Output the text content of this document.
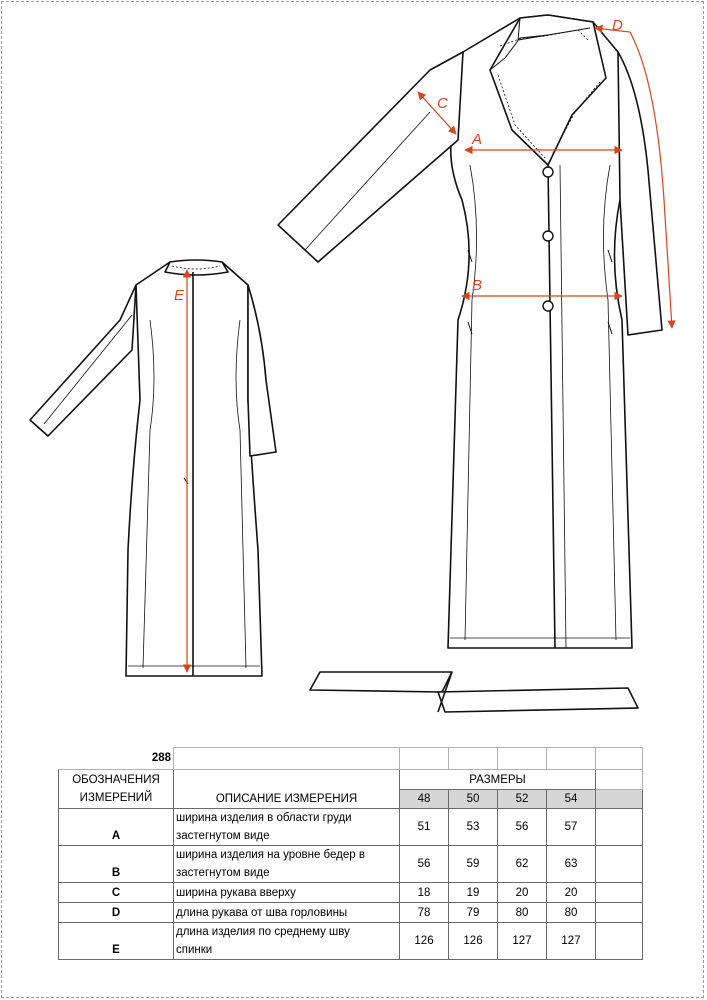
A
B
C
D
E
288						

ОБОЗНАЧЕНИЯ
ИЗМЕРЕНИЙ	ОПИСАНИЕ ИЗМЕРЕНИЯ	РАЗМЕРЫ				
		48	50	52	54	
A	ширина изделия в области груди
застегнутом виде	51	53	56	57	
B	ширина изделия на уровне бедер в
застегнутом виде	56	59	62	63	
C	ширина рукава вверху	18	19	20	20	
D	длина рукава от шва горловины	78	79	80	80	
E	длина изделия по среднему шву
спинки	126	126	127	127	
